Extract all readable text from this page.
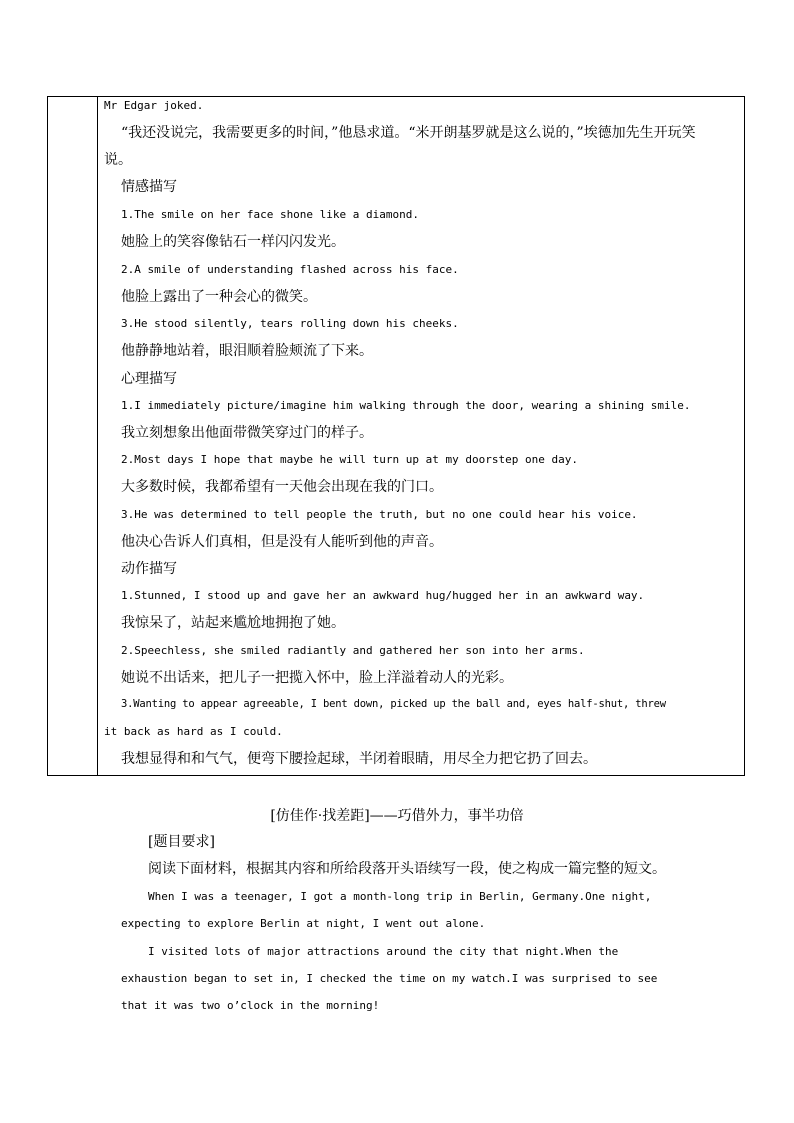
Mr Edgar joked.
“我还没说完，我需要更多的时间，”他恳求道。“米开朗基罗就是这么说的，”埃德加先生开玩笑
说。
情感描写
1.The smile on her face shone like a diamond.
她脸上的笑容像钻石一样闪闪发光。
2.A smile of understanding flashed across his face.
他脸上露出了一种会心的微笑。
3.He stood silently, tears rolling down his cheeks.
他静静地站着，眼泪顺着脸颊流了下来。
心理描写
1.I immediately picture/imagine him walking through the door, wearing a shining smile.
我立刻想象出他面带微笑穿过门的样子。
2.Most days I hope that maybe he will turn up at my doorstep one day.
大多数时候，我都希望有一天他会出现在我的门口。
3.He was determined to tell people the truth, but no one could hear his voice.
他决心告诉人们真相，但是没有人能听到他的声音。
动作描写
1.Stunned, I stood up and gave her an awkward hug/hugged her in an awkward way.
我惊呆了，站起来尴尬地拥抱了她。
2.Speechless, she smiled radiantly and gathered her son into her arms.
她说不出话来，把儿子一把揽入怀中，脸上洋溢着动人的光彩。
3.Wanting to appear agreeable, I bent down, picked up the ball and, eyes half-shut, threw
it back as hard as I could.
我想显得和和气气，便弯下腰捡起球，半闭着眼睛，用尽全力把它扔了回去。
[仿佳作·找差距]——巧借外力，事半功倍
[题目要求]
阅读下面材料，根据其内容和所给段落开头语续写一段，使之构成一篇完整的短文。
When I was a teenager, I got a month-long trip in Berlin, Germany.One night,
expecting to explore Berlin at night, I went out alone.
I visited lots of major attractions around the city that night.When the
exhaustion began to set in, I checked the time on my watch.I was surprised to see
that it was two o’clock in the morning!
